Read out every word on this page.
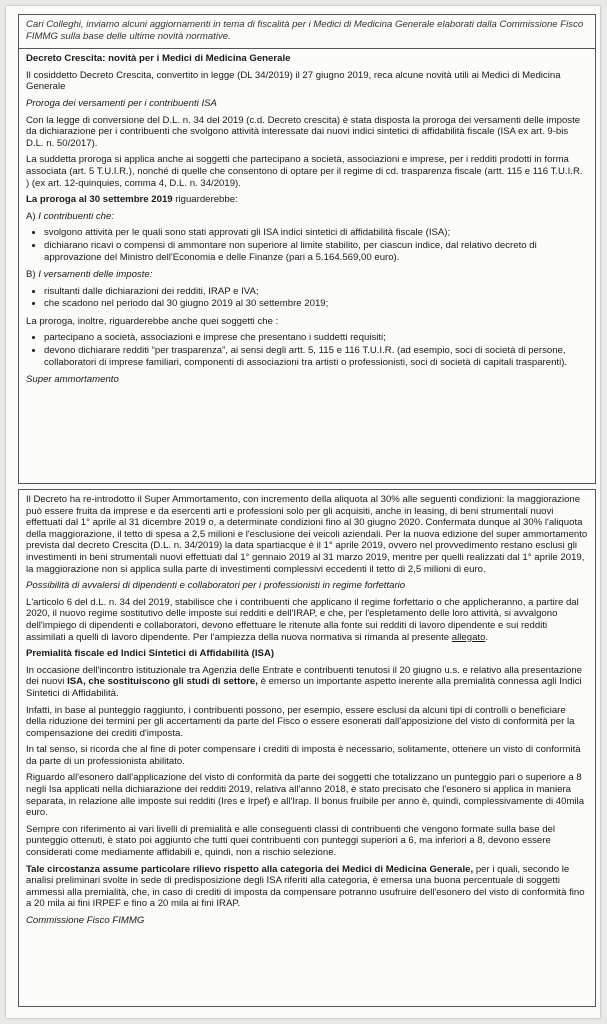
Cari Colleghi, inviamo alcuni aggiornamenti in tema di fiscalità per i Medici di Medicina Generale elaborati dalla Commissione Fisco FIMMG sulla base delle ultime novità normative.

Decreto Crescita: novità per i Medici di Medicina Generale

Il cosiddetto Decreto Crescita, convertito in legge (DL 34/2019) il 27 giugno 2019, reca alcune novità utili ai Medici di Medicina Generale

Proroga dei versamenti per i contribuenti ISA

Con la legge di conversione del D.L. n. 34 del 2019 (c.d. Decreto crescita) è stata disposta la proroga dei versamenti delle imposte da dichiarazione per i contribuenti che svolgono attività interessate dai nuovi indici sintetici di affidabilità fiscale (ISA ex art. 9-bis D.L. n. 50/2017).

La suddetta proroga si applica anche ai soggetti che partecipano a società, associazioni e imprese, per i redditi prodotti in forma associata (art. 5 T.U.I.R.), nonché di quelle che consentono di optare per il regime di cd. trasparenza fiscale (artt. 115 e 116 T.U.I.R. ) (ex art. 12-quinquies, comma 4, D.L. n. 34/2019).

La proroga al 30 settembre 2019 riguarderebbe:

A) I contribuenti che:

• svolgono attività per le quali sono stati approvati gli ISA indici sintetici di affidabilità fiscale (ISA);
• dichiarano ricavi o compensi di ammontare non superiore al limite stabilito, per ciascun indice, dal relativo decreto di approvazione del Ministro dell'Economia e delle Finanze (pari a 5.164.569,00 euro).

B) I versamenti delle imposte:

• risultanti dalle dichiarazioni dei redditi, IRAP e IVA;
• che scadono nel periodo dal 30 giugno 2019 al 30 settembre 2019;

La proroga, inoltre, riguarderebbe anche quei soggetti che :

• partecipano a società, associazioni e imprese che presentano i suddetti requisiti;
• devono dichiarare redditi “per trasparenza”, ai sensi degli artt. 5, 115 e 116 T.U.I.R. (ad esempio, soci di società di persone, collaboratori di imprese familiari, componenti di associazioni tra artisti o professionisti, soci di società di capitali trasparenti).

Super ammortamento

Il Decreto ha re-introdotto il Super Ammortamento, con incremento della aliquota al 30% alle seguenti condizioni: la maggiorazione può essere fruita da imprese e da esercenti arti e professioni solo per gli acquisiti, anche in leasing, di beni strumentali nuovi effettuati dal 1° aprile al 31 dicembre 2019 o, a determinate condizioni fino al 30 giugno 2020. Confermata dunque al 30% l'aliquota della maggiorazione, il tetto di spesa a 2,5 milioni e l'esclusione dei veicoli aziendali. Per la nuova edizione del super ammortamento prevista dal decreto Crescita (D.L. n. 34/2019) la data spartiacque è il 1° aprile 2019, ovvero nel provvedimento restano esclusi gli investimenti in beni strumentali nuovi effettuati dal 1° gennaio 2019 al 31 marzo 2019, mentre per quelli realizzati dal 1° aprile 2019, la maggiorazione non si applica sulla parte di investimenti complessivi eccedenti il tetto di 2,5 milioni di euro.

Possibilità di avvalersi di dipendenti e collaboratori per i professionisti in regime forfettario

L'articolo 6 del d.L. n. 34 del 2019, stabilisce che i contribuenti che applicano il regime forfettario o che applicheranno, a partire dal 2020, il nuovo regime sostitutivo delle imposte sui redditi e dell'IRAP, e che, per l'espletamento delle loro attività, si avvalgono dell'impiego di dipendenti e collaboratori, devono effettuare le ritenute alla fonte sui redditi di lavoro dipendente e sui redditi assimilati a quelli di lavoro dipendente. Per l'ampiezza della nuova normativa si rimanda al presente allegato.

Premialità fiscale ed Indici Sintetici di Affidabilità (ISA)

In occasione dell'incontro istituzionale tra Agenzia delle Entrate e contribuenti tenutosi il 20 giugno u.s. e relativo alla presentazione dei nuovi ISA, che sostituiscono gli studi di settore, è emerso un importante aspetto inerente alla premialità connessa agli Indici Sintetici di Affidabilità.

Infatti, in base al punteggio raggiunto, i contribuenti possono, per esempio, essere esclusi da alcuni tipi di controlli o beneficiare della riduzione dei termini per gli accertamenti da parte del Fisco o essere esonerati dall'apposizione del visto di conformità per la compensazione dei crediti d'imposta.

In tal senso, si ricorda che al fine di poter compensare i crediti di imposta è necessario, solitamente, ottenere un visto di conformità da parte di un professionista abilitato.

Riguardo all'esonero dall'applicazione del visto di conformità da parte dei soggetti che totalizzano un punteggio pari o superiore a 8 negli Isa applicati nella dichiarazione dei redditi 2019, relativa all'anno 2018, è stato precisato che l'esonero si applica in maniera separata, in relazione alle imposte sui redditi (Ires e Irpef) e all'Irap. Il bonus fruibile per anno è, quindi, complessivamente di 40mila euro.

Sempre con riferimento ai vari livelli di premialità e alle conseguenti classi di contribuenti che vengono formate sulla base del punteggio ottenuti, è stato poi aggiunto che tutti quei contribuenti con punteggi superiori a 6, ma inferiori a 8, devono essere considerati come mediamente affidabili e, quindi, non a rischio selezione.

Tale circostanza assume particolare rilievo rispetto alla categoria dei Medici di Medicina Generale, per i quali, secondo le analisi preliminari svolte in sede di predisposizione degli ISA riferiti alla categoria, è emersa una buona percentuale di soggetti ammessi alla premialità, che, in caso di crediti di imposta da compensare potranno usufruire dell'esonero del visto di conformità fino a 20 mila ai fini IRPEF e fino a 20 mila ai fini IRAP.

Commissione Fisco FIMMG
